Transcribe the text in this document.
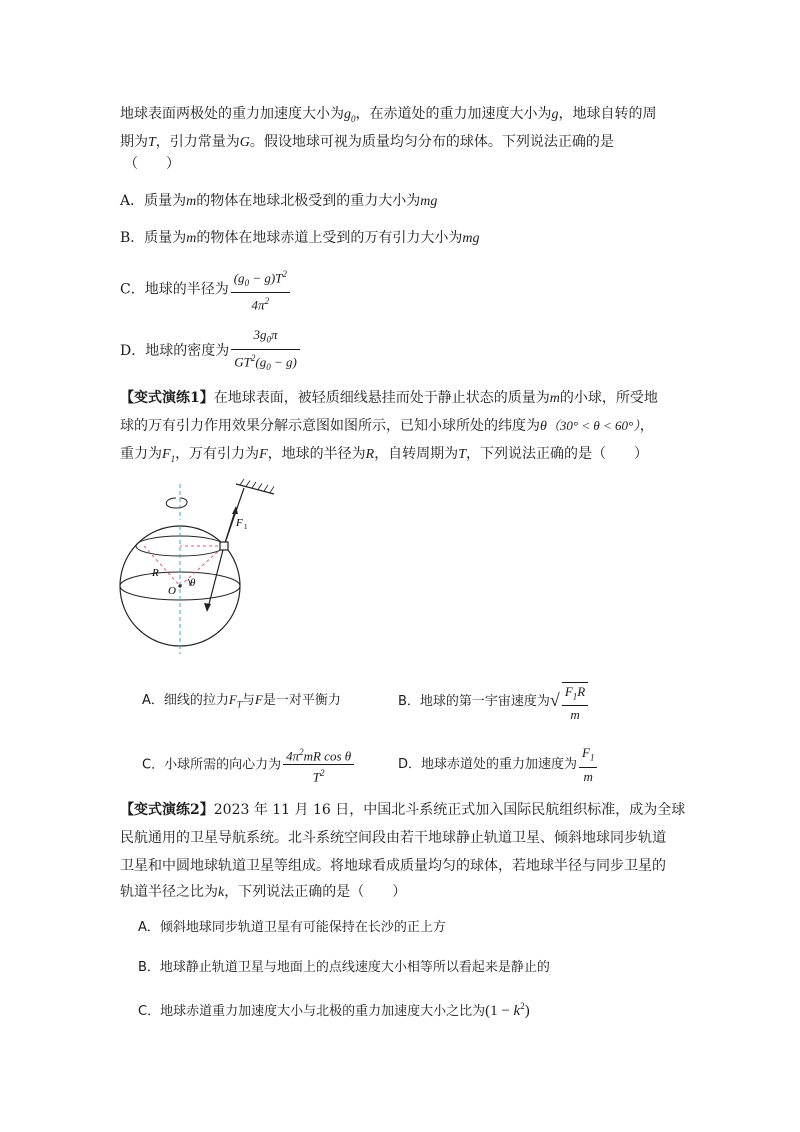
地球表面两极处的重力加速度大小为$g_0$，在赤道处的重力加速度大小为g，地球自转的周
期为T，引力常量为G。假设地球可视为质量均匀分布的球体。下列说法正确的是
（　　）
A．质量为m的物体在地球北极受到的重力大小为mg
B．质量为m的物体在地球赤道上受到的万有引力大小为mg
C．地球的半径为 $\frac{(g_0 - g)T^2}{4\pi^2}$
D．地球的密度为 $\frac{3g_0\pi}{GT^2(g_0 - g)}$
【变式演练1】在地球表面，被轻质细线悬挂而处于静止状态的质量为m的小球，所受地
球的万有引力作用效果分解示意图如图所示，已知小球所处的纬度为θ（30° < θ < 60°），
重力为$F_1$，万有引力为F，地球的半径为R，自转周期为T，下列说法正确的是（　　）
F 1
R
O
θ
A．细线的拉力$F_T$与F是一对平衡力	B．地球的第一宇宙速度为√ $\frac{F_1R}{m}$
C．小球所需的向心力为 $\frac{4\pi^2mR \cos \theta}{T^2}$	D．地球赤道处的重力加速度为 $\frac{F_1}{m}$
【变式演练2】2023 年 11 月 16 日，中国北斗系统正式加入国际民航组织标准，成为全球
民航通用的卫星导航系统。北斗系统空间段由若干地球静止轨道卫星、倾斜地球同步轨道
卫星和中圆地球轨道卫星等组成。将地球看成质量均匀的球体，若地球半径与同步卫星的
轨道半径之比为k，下列说法正确的是（　　）
A．倾斜地球同步轨道卫星有可能保持在长沙的正上方
B．地球静止轨道卫星与地面上的点线速度大小相等所以看起来是静止的
C．地球赤道重力加速度大小与北极的重力加速度大小之比为$(1 - k^2)$
